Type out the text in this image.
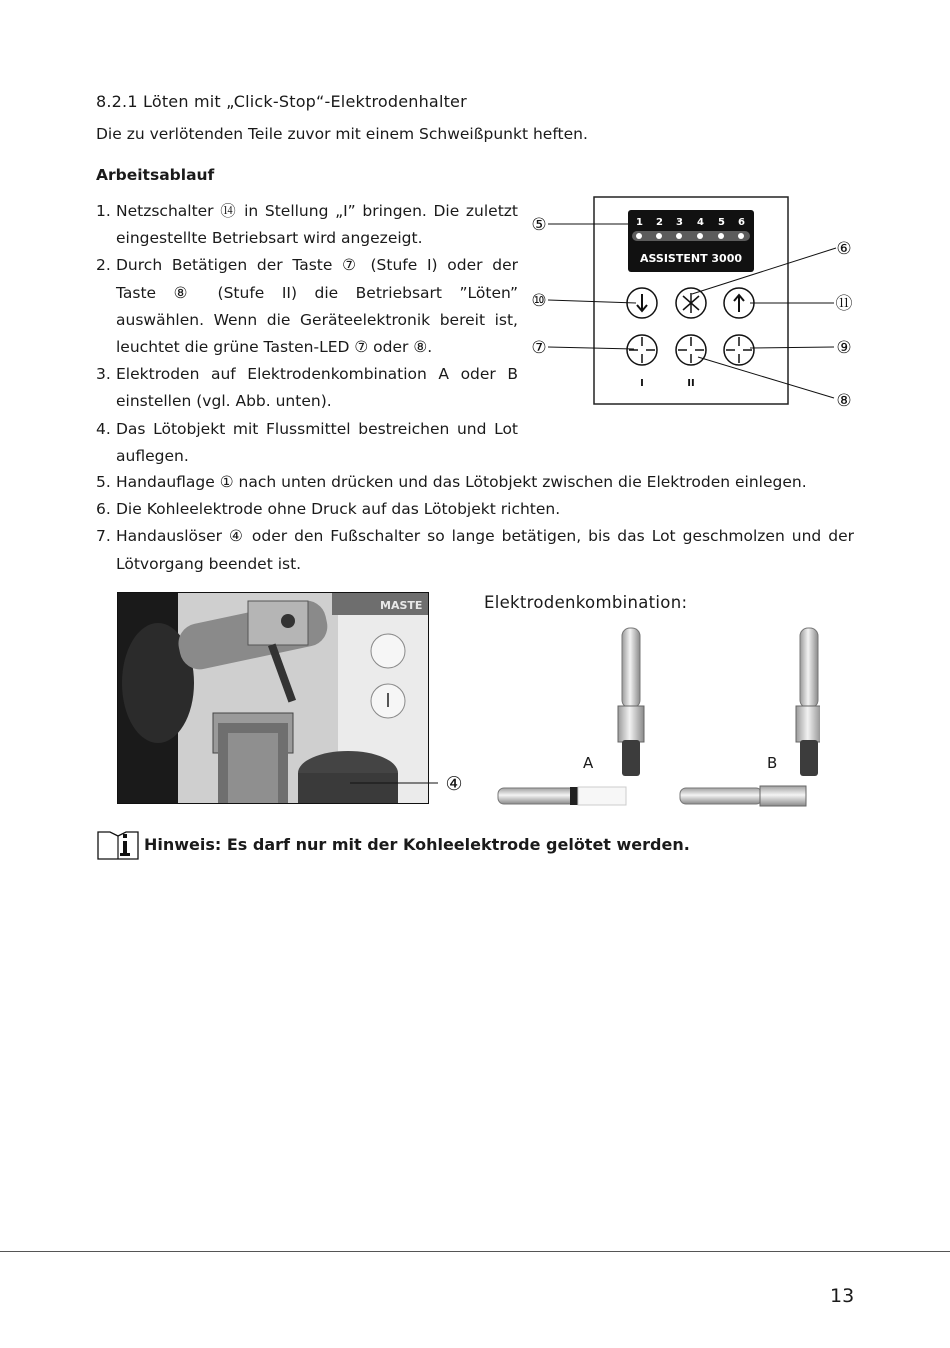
8.2.1 Löten mit „Click-Stop“-Elektrodenhalter
Die zu verlötenden Teile zuvor mit einem Schweißpunkt heften.
Arbeitsablauf
1. Netzschalter ⑭ in Stellung „I” bringen. Die zuletzt eingestellte Betriebsart wird angezeigt.
2. Durch Betätigen der Taste ⑦ (Stufe I) oder der Taste ⑧ (Stufe II) die Betriebsart ”Löten” auswählen. Wenn die Geräteelektronik bereit ist, leuchtet die grüne Tasten-LED ⑦ oder ⑧.
3. Elektroden auf Elektrodenkombination A oder B einstellen (vgl. Abb. unten).
4. Das Lötobjekt mit Flussmittel bestreichen und Lot auflegen.
5. Handauflage ① nach unten drücken und das Lötobjekt zwischen die Elektroden einlegen.
6. Die Kohleelektrode ohne Druck auf das Lötobjekt richten.
7. Handauslöser ④ oder den Fußschalter so lange betätigen, bis das Lot geschmolzen und der Lötvorgang beendet ist.
1 2 3 4 5 6
ASSISTENT 3000
I	II
⑤
⑥
⑩	⑪
⑦	⑨
⑧
MASTE
④
Elektrodenkombination:
A	B
Hinweis: Es darf nur mit der Kohleelektrode gelötet werden.
13
